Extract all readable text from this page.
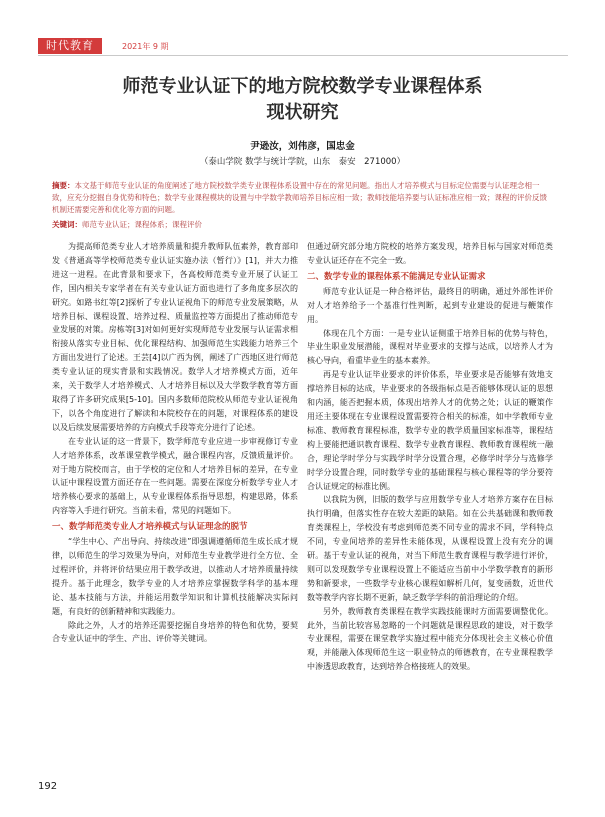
时代教育	2021年 9 期
师范专业认证下的地方院校数学专业课程体系
现状研究
尹逊汝，刘伟彦，国忠金
（泰山学院 数学与统计学院，山东　泰安　271000）
摘要：本文基于师范专业认证的角度阐述了地方院校数学类专业课程体系设置中存在的常见问题。指出人才培养模式与目标定位需要与认证理念相一致，应充分挖掘自身优势和特色；数学专业课程模块的设置与中学数学教师培养目标应相一致；教师技能培养要与认证标准应相一致；课程的评价反馈机制还需要完善和优化等方面的问题。
关键词：师范专业认证；课程体系；课程评价

为提高师范类专业人才培养质量和提升教师队伍素养，教育部印发《普通高等学校师范类专业认证实施办法（暂行）》[1]，并大力推进这一进程。在此背景和要求下，各高校师范类专业开展了认证工作，国内相关专家学者在有关专业认证方面也进行了多角度多层次的研究。如路书红等[2]探析了专业认证视角下的师范专业发展策略，从培养目标、课程设置、培养过程、质量监控等方面提出了推动师范专业发展的对策。房栋等[3]对如何更好实现师范专业发展与认证需求相衔接从落实专业目标、优化课程结构、加强师范生实践能力培养三个方面出发进行了论述。王芸[4]以广西为例，阐述了广西地区进行师范类专业认证的现实背景和实践情况。数学人才培养模式方面，近年来，关于数学人才培养模式、人才培养目标以及大学数学教育等方面取得了许多研究成果[5-10]。国内多数师范院校从师范专业认证视角下，以各个角度进行了解读和本院校存在的问题，对课程体系的建设以及后续发展需要培养的方向模式手段等充分进行了论述。

在专业认证的这一背景下，数学师范专业应进一步审视修订专业人才培养体系，改革课堂教学模式，融合课程内容，反馈质量评价。对于地方院校而言，由于学校的定位和人才培养目标的差异，在专业认证中课程设置方面还存在一些问题。需要在深度分析数学专业人才培养核心要求的基础上，从专业课程体系指导思想，构建思路，体系内容等入手进行研究。当前未看，常见的问题如下。

一、数学师范类专业人才培养模式与认证理念的脱节

“学生中心、产出导向、持续改进”即强调遵循师范生成长成才规律，以师范生的学习效果为导向，对师范生专业教学进行全方位、全过程评价，并将评价结果应用于教学改进，以推动人才培养质量持续提升。基于此理念，数学专业的人才培养应掌握数学科学的基本理论、基本技能与方法，并能运用数学知识和计算机技能解决实际问题，有良好的创新精神和实践能力。

除此之外，人才的培养还需要挖掘自身培养的特色和优势，要契合专业认证中的学生、产出、评价等关键词。

但通过研究部分地方院校的培养方案发现，培养目标与国家对师范类专业认证还存在不完全一致。

二、数学专业的课程体系不能满足专业认证需求

师范专业认证是一种合格评估，最终目的明确，通过外部性评价对人才培养给予一个基准行性判断，起到专业建设的促进与鞭策作用。

体现在几个方面：一是专业认证侧重于培养目标的优势与特色，毕业生职业发展潜能，课程对毕业要求的支撑与达成，以培养人才为核心导向，看重毕业生的基本素养。

再是专业认证毕业要求的评价体系，毕业要求是否能够有效地支撑培养目标的达成，毕业要求的各级指标点是否能够体现认证的思想和内涵，能否把握本质，体现出培养人才的优势之处；认证的鞭策作用还主要体现在专业课程设置需要符合相关的标准，如中学教师专业标准、教师教育课程标准，数学专业的教学质量国家标准等，课程结构上要能把通识教育课程、数学专业教育课程、教师教育课程统一融合，理论学时学分与实践学时学分设置合理，必修学时学分与选修学时学分设置合理，同时数学专业的基础课程与核心课程等的学分要符合认证规定的标准比例。

以我院为例，旧版的数学与应用数学专业人才培养方案存在目标执行明确，但落实性存在较大差距的缺陷。如在公共基础课和教师教育类课程上，学校没有考虑到师范类不同专业的需求不同，学科特点不同，专业间培养的差异性未能体现，从课程设置上没有充分的调研。基于专业认证的视角，对当下师范生教育课程与教学进行评价，则可以发现数学专业课程设置上不能适应当前中小学数学教育的新形势和新要求，一些数学专业核心课程如解析几何，复变函数，近世代数等教学内容长期不更新，缺乏数学学科的前沿理论的介绍。

另外，教师教育类课程在教学实践技能课时方面需要调整优化。此外，当前比较容易忽略的一个问题就是课程思政的建设，对于数学专业课程，需要在课堂教学实施过程中能充分体现社会主义核心价值观，并能融入体现师范生这一职业特点的师德教育，在专业课程教学中渗透思政教育，达到培养合格接班人的效果。

192
